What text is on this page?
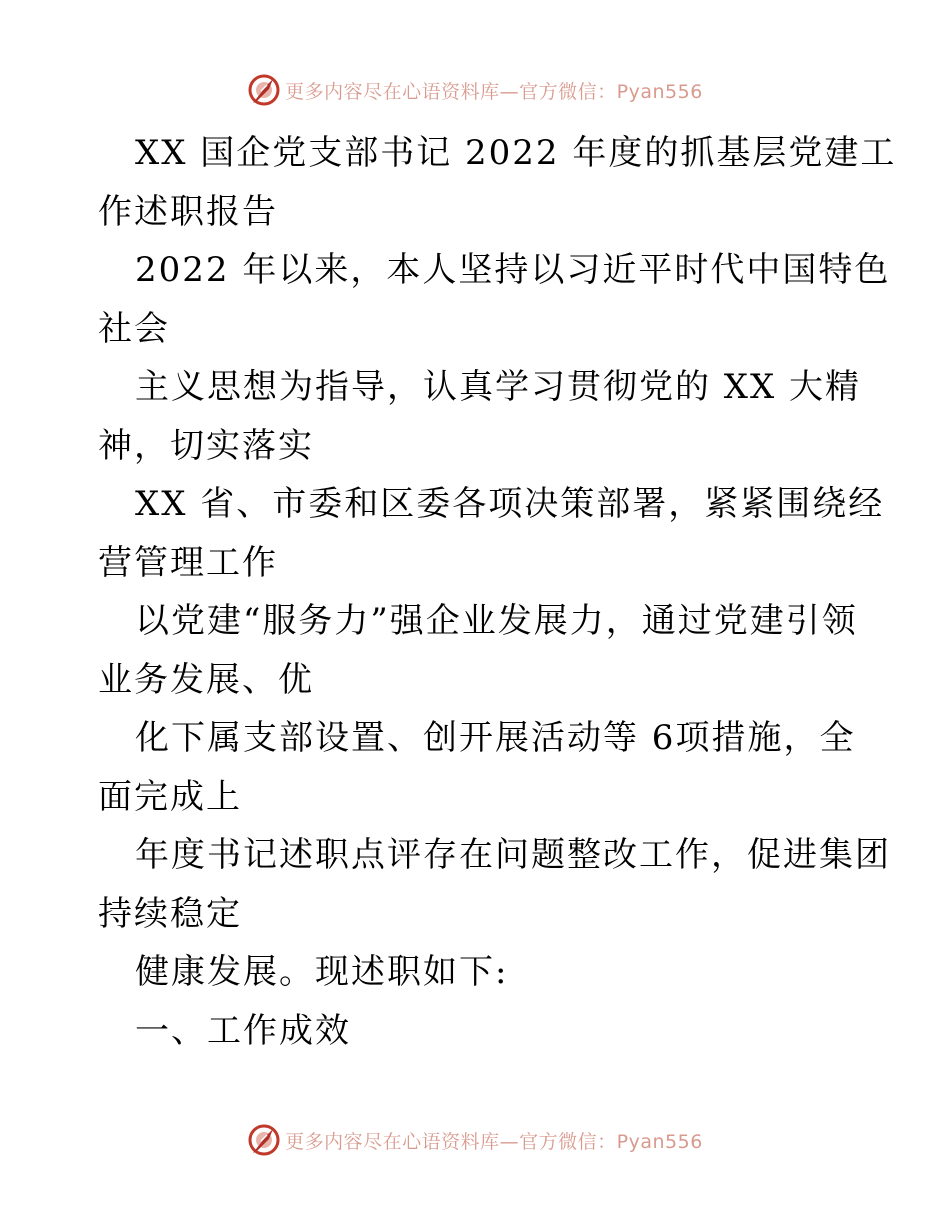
更多内容尽在心语资料库—官方微信：Pyan556
XX 国企党支部书记 2022 年度的抓基层党建工
作述职报告
2022 年以来，本人坚持以习近平时代中国特色
社会
主义思想为指导，认真学习贯彻党的 XX 大精
神，切实落实
XX 省、市委和区委各项决策部署，紧紧围绕经
营管理工作
以党建“服务力”强企业发展力，通过党建引领
业务发展、优
化下属支部设置、创开展活动等 6项措施，全
面完成上
年度书记述职点评存在问题整改工作，促进集团
持续稳定
健康发展。现述职如下:
一、工作成效
更多内容尽在心语资料库—官方微信：Pyan556
